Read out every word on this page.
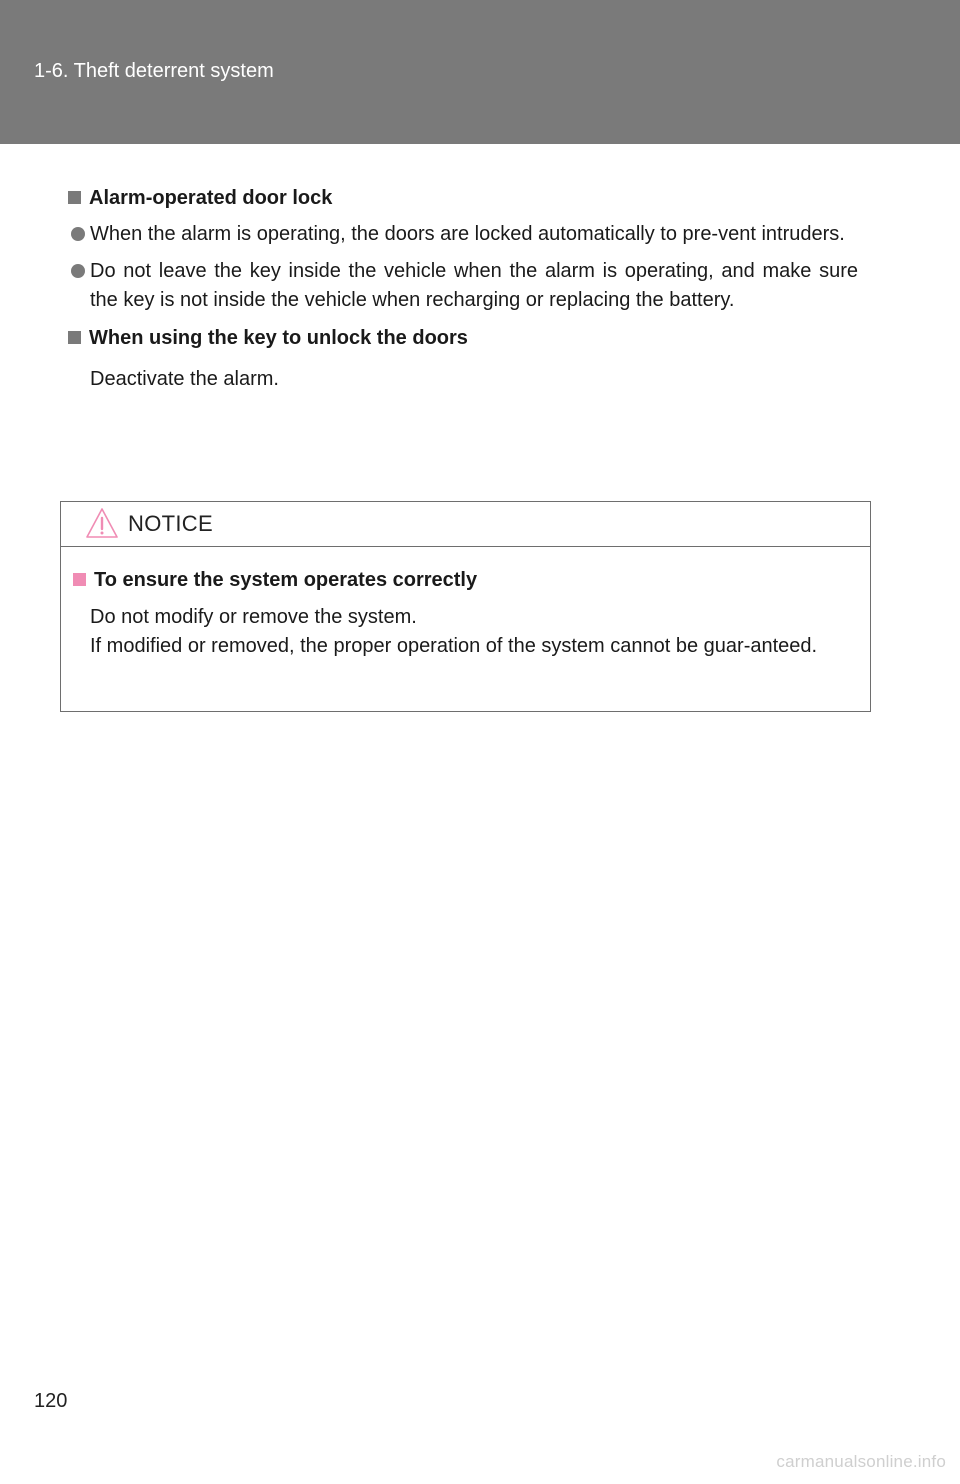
1-6. Theft deterrent system
Alarm-operated door lock
When the alarm is operating, the doors are locked automatically to pre-vent intruders.
Do not leave the key inside the vehicle when the alarm is operating, and make sure the key is not inside the vehicle when recharging or replacing the battery.
When using the key to unlock the doors
Deactivate the alarm.
NOTICE
To ensure the system operates correctly
Do not modify or remove the system.
If modified or removed, the proper operation of the system cannot be guar-anteed.
120
carmanualsonline.info
